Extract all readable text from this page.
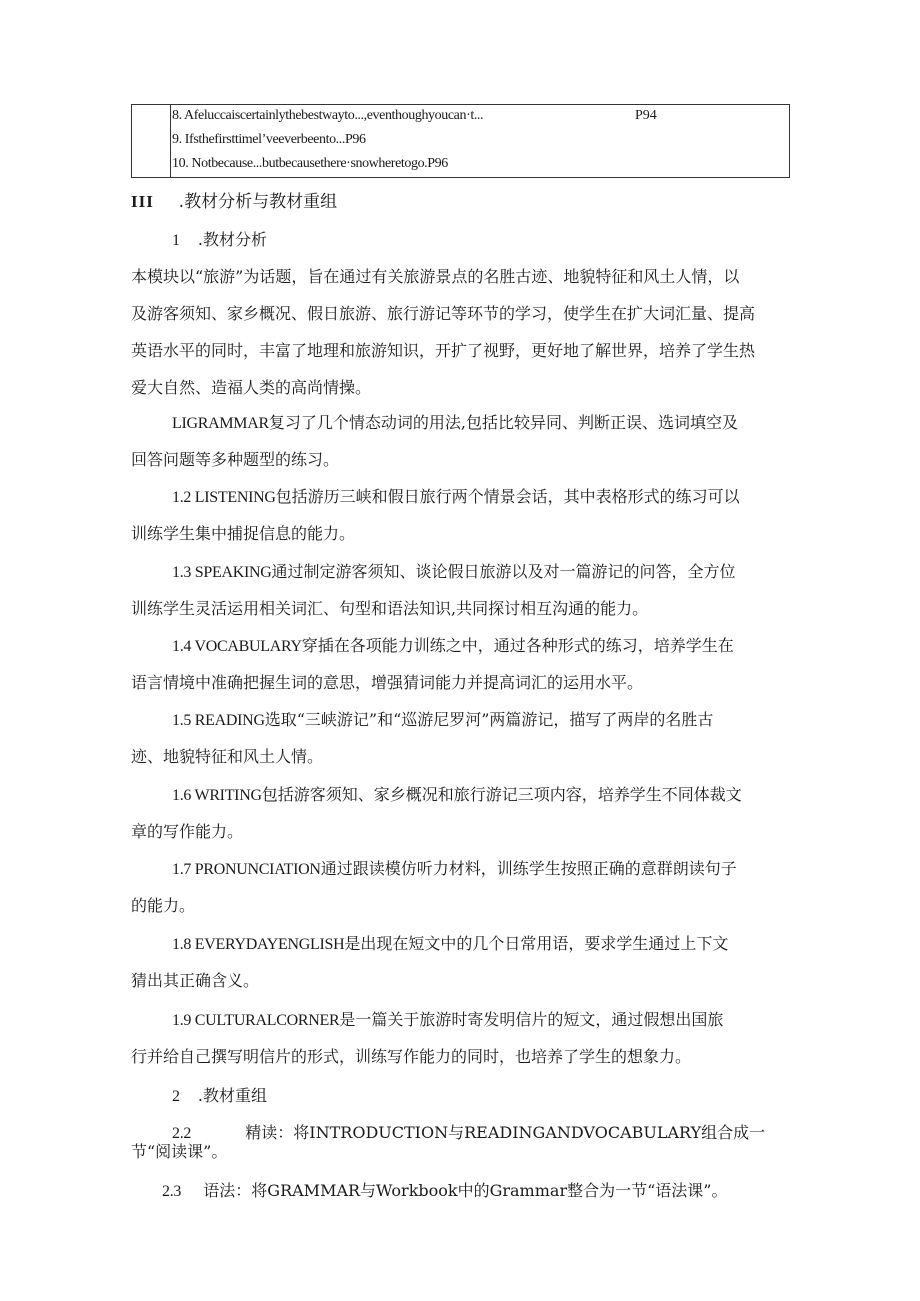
8. Afeluccaiscertainlythebestwayto...,eventhoughyoucan·t...	P94
9. Ifsthefirsttimel’veeverbeento...P96
10. Notbecause...butbecausethere·snowheretogo.P96
III .教材分析与教材重组
1 .教材分析
本模块以“旅游”为话题，旨在通过有关旅游景点的名胜古迹、地貌特征和风土人情，以
及游客须知、家乡概况、假日旅游、旅行游记等环节的学习，使学生在扩大词汇量、提高
英语水平的同时，丰富了地理和旅游知识，开扩了视野，更好地了解世界，培养了学生热
爱大自然、造福人类的高尚情操。
LIGRAMMAR复习了几个情态动词的用法,包括比较异同、判断正误、选词填空及
回答问题等多种题型的练习。
1.2 LISTENING包括游历三峡和假日旅行两个情景会话，其中表格形式的练习可以
训练学生集中捕捉信息的能力。
1.3 SPEAKING通过制定游客须知、谈论假日旅游以及对一篇游记的问答，全方位
训练学生灵活运用相关词汇、句型和语法知识,共同探讨相互沟通的能力。
1.4 VOCABULARY穿插在各项能力训练之中，通过各种形式的练习，培养学生在
语言情境中准确把握生词的意思，增强猜词能力并提高词汇的运用水平。
1.5 READING选取“三峡游记”和“巡游尼罗河”两篇游记，描写了两岸的名胜古
迹、地貌特征和风土人情。
1.6 WRITING包括游客须知、家乡概况和旅行游记三项内容，培养学生不同体裁文
章的写作能力。
1.7 PRONUNCIATION通过跟读模仿听力材料，训练学生按照正确的意群朗读句子
的能力。
1.8 EVERYDAYENGLISH是出现在短文中的几个日常用语，要求学生通过上下文
猜出其正确含义。
1.9 CULTURALCORNER是一篇关于旅游时寄发明信片的短文，通过假想出国旅
行并给自己撰写明信片的形式，训练写作能力的同时，也培养了学生的想象力。
2 .教材重组
2.2	精读：将INTRODUCTION与READINGANDVOCABULARY组合成一
节“阅读课”。
2.3 语法：将GRAMMAR与Workbook中的Grammar整合为一节“语法课”。
